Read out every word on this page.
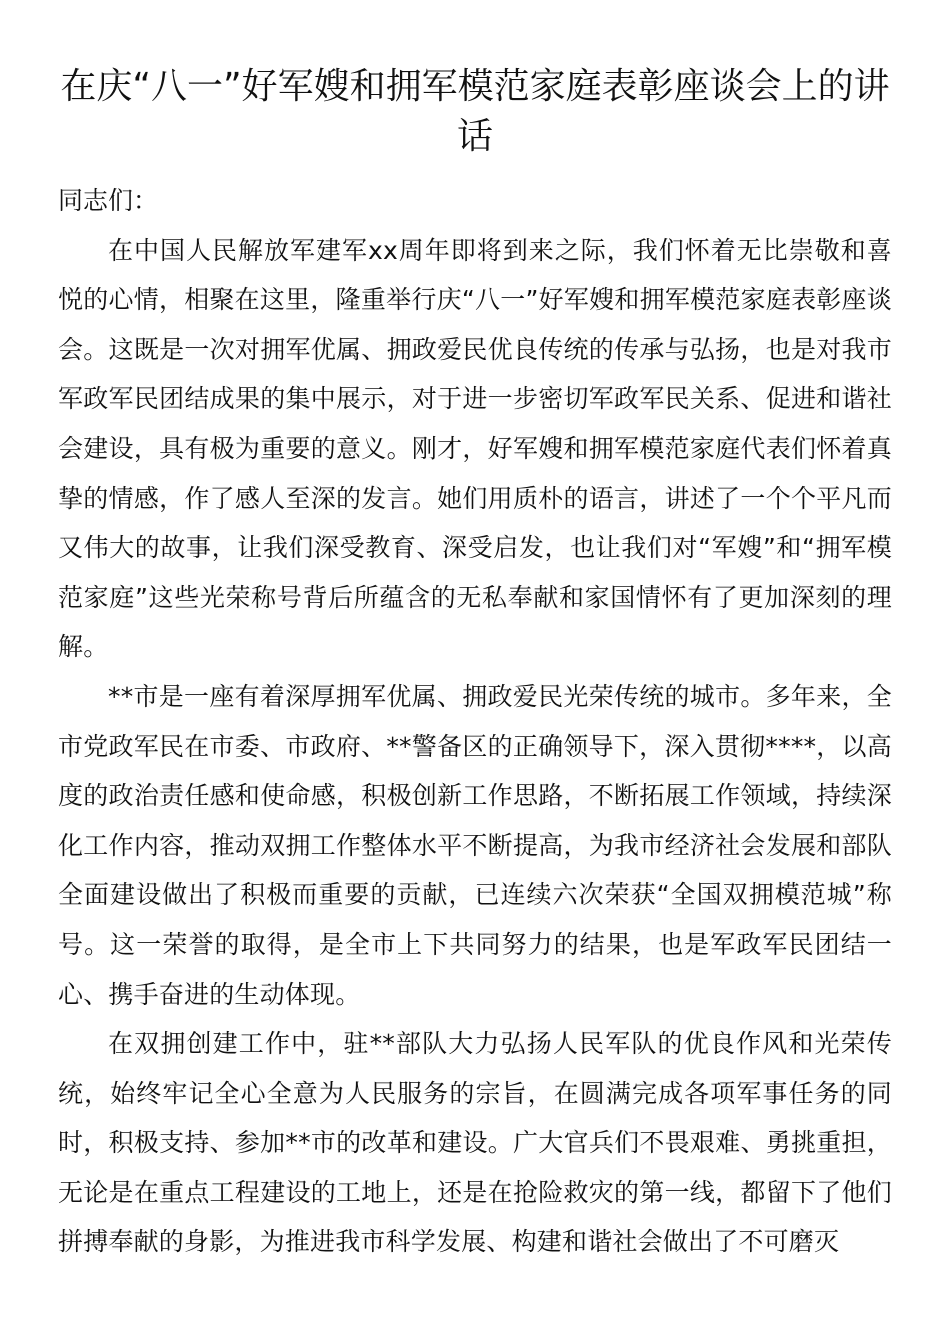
在庆“八一”好军嫂和拥军模范家庭表彰座谈会上的讲话

同志们：

在中国人民解放军建军xx周年即将到来之际，我们怀着无比崇敬和喜悦的心情，相聚在这里，隆重举行庆“八一”好军嫂和拥军模范家庭表彰座谈会。这既是一次对拥军优属、拥政爱民优良传统的传承与弘扬，也是对我市军政军民团结成果的集中展示，对于进一步密切军政军民关系、促进和谐社会建设，具有极为重要的意义。刚才，好军嫂和拥军模范家庭代表们怀着真挚的情感，作了感人至深的发言。她们用质朴的语言，讲述了一个个平凡而又伟大的故事，让我们深受教育、深受启发，也让我们对“军嫂”和“拥军模范家庭”这些光荣称号背后所蕴含的无私奉献和家国情怀有了更加深刻的理解。

**市是一座有着深厚拥军优属、拥政爱民光荣传统的城市。多年来，全市党政军民在市委、市政府、**警备区的正确领导下，深入贯彻****，以高度的政治责任感和使命感，积极创新工作思路，不断拓展工作领域，持续深化工作内容，推动双拥工作整体水平不断提高，为我市经济社会发展和部队全面建设做出了积极而重要的贡献，已连续六次荣获“全国双拥模范城”称号。这一荣誉的取得，是全市上下共同努力的结果，也是军政军民团结一心、携手奋进的生动体现。

在双拥创建工作中，驻**部队大力弘扬人民军队的优良作风和光荣传统，始终牢记全心全意为人民服务的宗旨，在圆满完成各项军事任务的同时，积极支持、参加**市的改革和建设。广大官兵们不畏艰难、勇挑重担，无论是在重点工程建设的工地上，还是在抢险救灾的第一线，都留下了他们拼搏奉献的身影，为推进我市科学发展、构建和谐社会做出了不可磨灭
